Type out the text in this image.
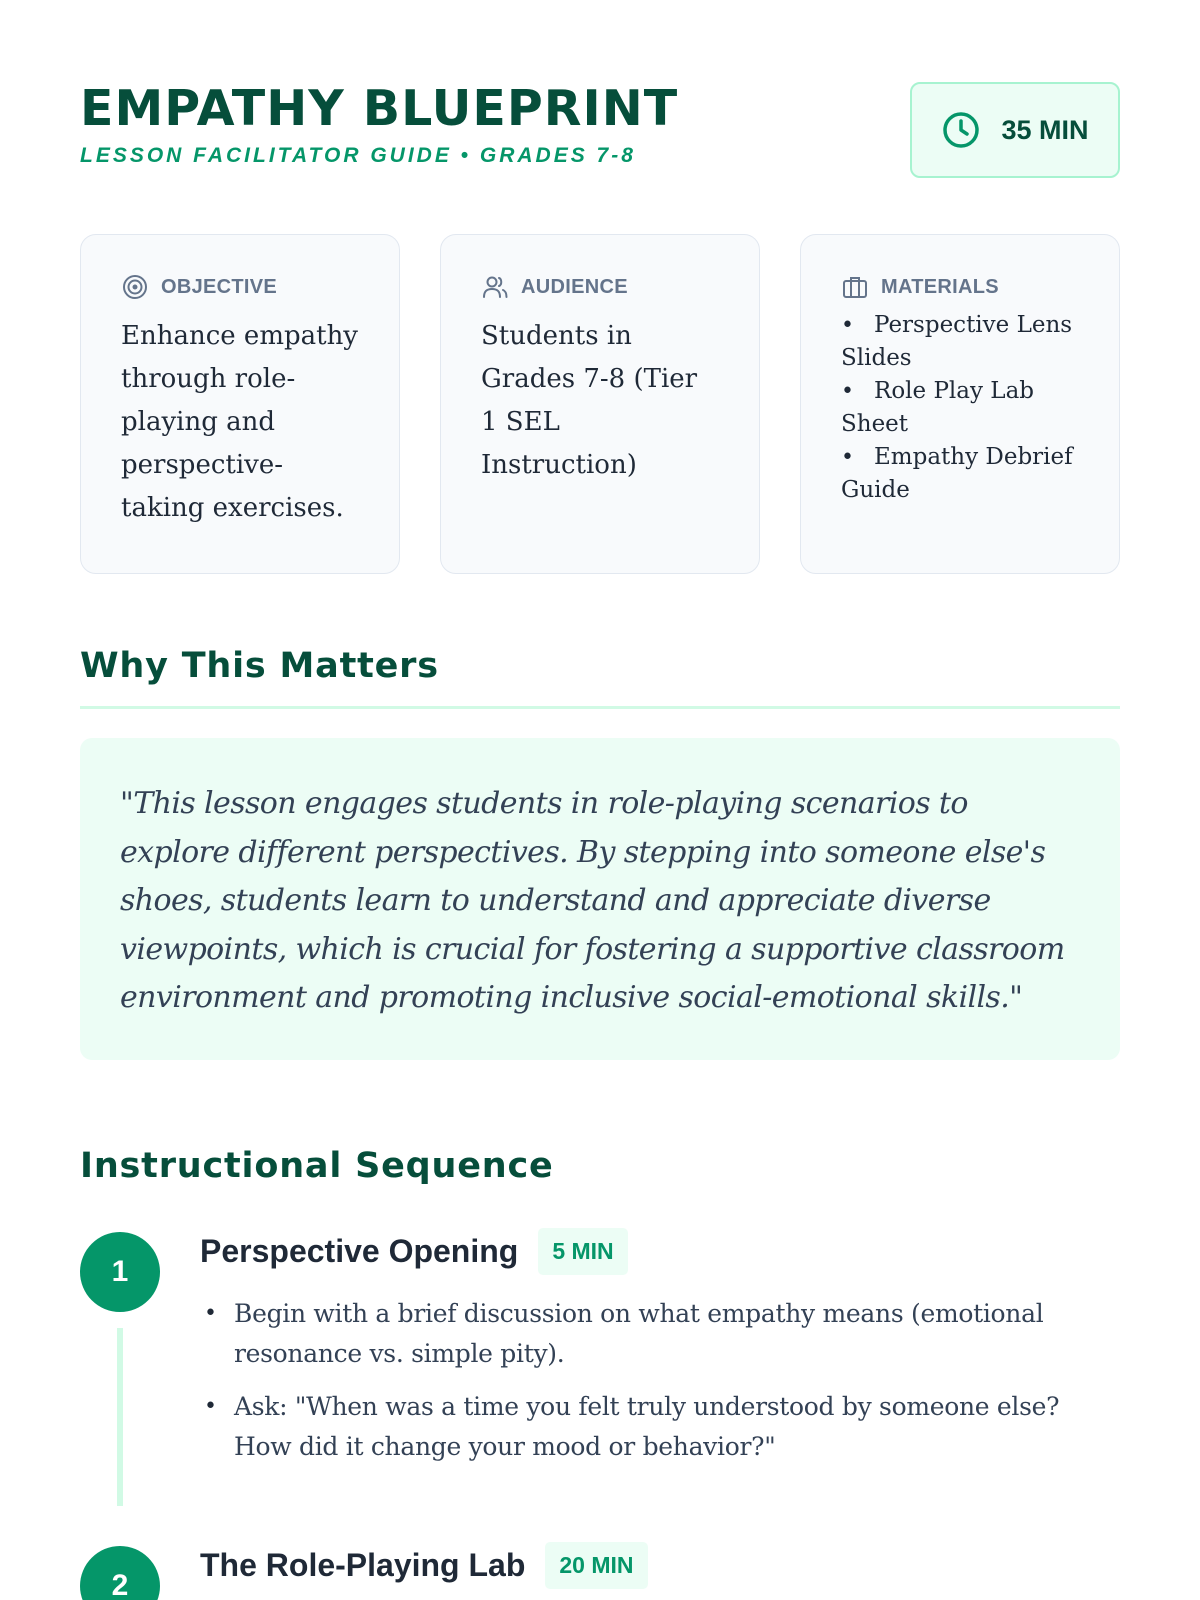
EMPATHY BLUEPRINT
LESSON FACILITATOR GUIDE • GRADES 7-8
35 MIN
OBJECTIVE

Enhance empathy through role-playing and perspective-taking exercises.

AUDIENCE

Students in Grades 7-8 (Tier 1 SEL Instruction)

MATERIALS
• Perspective Lens Slides
• Role Play Lab Sheet
• Empathy Debrief Guide
Why This Matters

"This lesson engages students in role-playing scenarios to explore different perspectives. By stepping into someone else's shoes, students learn to understand and appreciate diverse viewpoints, which is crucial for fostering a supportive classroom environment and promoting inclusive social-emotional skills."

Instructional Sequence
1
Perspective Opening	5 MIN
• Begin with a brief discussion on what empathy means (emotional resonance vs. simple pity).
• Ask: "When was a time you felt truly understood by someone else? How did it change your mood or behavior?"
2
The Role-Playing Lab	20 MIN
